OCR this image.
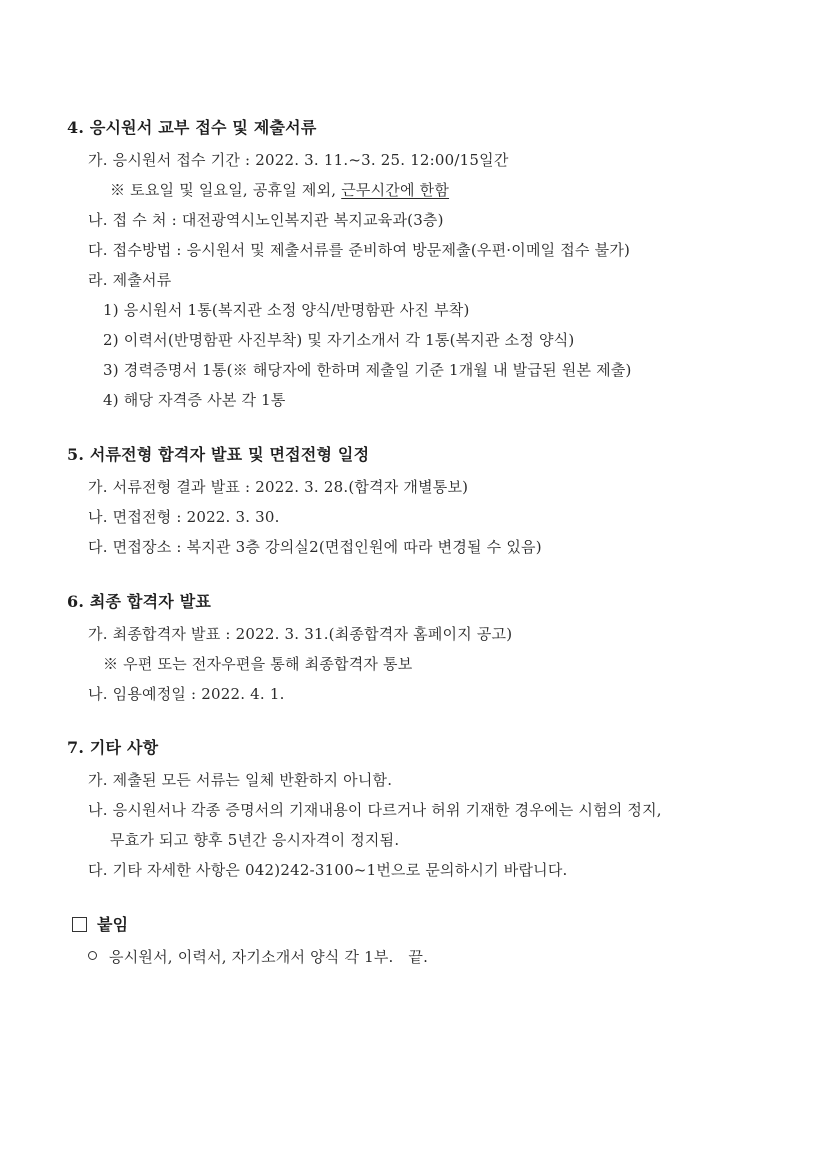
4. 응시원서 교부 접수 및 제출서류
가. 응시원서 접수 기간 : 2022. 3. 11.~3. 25. 12:00/15일간
※ 토요일 및 일요일, 공휴일 제외, 근무시간에 한함
나. 접 수 처 : 대전광역시노인복지관 복지교육과(3층)
다. 접수방법 : 응시원서 및 제출서류를 준비하여 방문제출(우편·이메일 접수 불가)
라. 제출서류
1) 응시원서 1통(복지관 소정 양식/반명함판 사진 부착)
2) 이력서(반명함판 사진부착) 및 자기소개서 각 1통(복지관 소정 양식)
3) 경력증명서 1통(※ 해당자에 한하며 제출일 기준 1개월 내 발급된 원본 제출)
4) 해당 자격증 사본 각 1통
5. 서류전형 합격자 발표 및 면접전형 일정
가. 서류전형 결과 발표 : 2022. 3. 28.(합격자 개별통보)
나. 면접전형 : 2022. 3. 30.
다. 면접장소 : 복지관 3층 강의실2(면접인원에 따라 변경될 수 있음)
6. 최종 합격자 발표
가. 최종합격자 발표 : 2022. 3. 31.(최종합격자 홈페이지 공고)
※ 우편 또는 전자우편을 통해 최종합격자 통보
나. 임용예정일 : 2022. 4. 1.
7. 기타 사항
가. 제출된 모든 서류는 일체 반환하지 아니함.
나. 응시원서나 각종 증명서의 기재내용이 다르거나 허위 기재한 경우에는 시험의 정지,
무효가 되고 향후 5년간 응시자격이 정지됨.
다. 기타 자세한 사항은 042)242-3100~1번으로 문의하시기 바랍니다.
붙임
응시원서, 이력서, 자기소개서 양식 각 1부.   끝.
